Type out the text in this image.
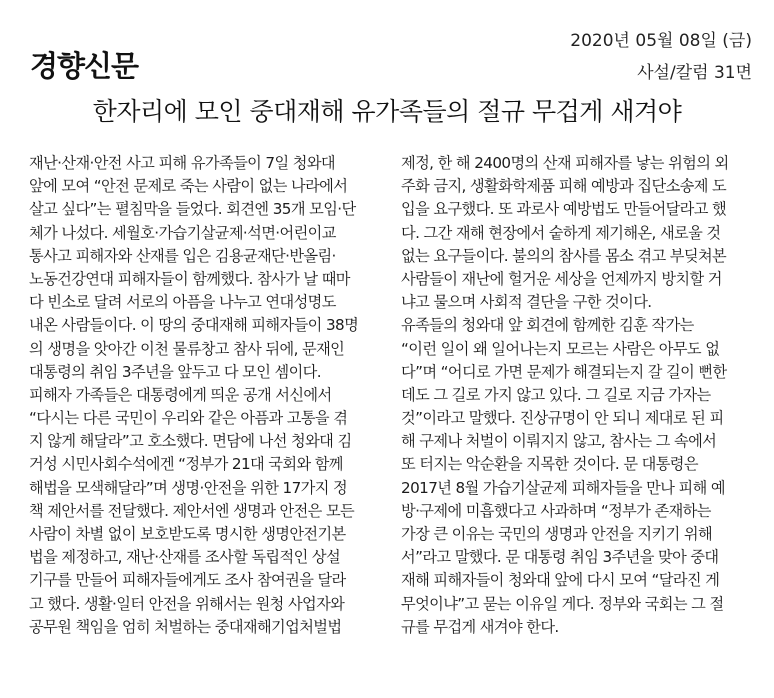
경향신문
2020년 05월 08일 (금)
사설/칼럼 31면
한자리에 모인 중대재해 유가족들의 절규 무겁게 새겨야
재난·산재·안전 사고 피해 유가족들이 7일 청와대
앞에 모여 “안전 문제로 죽는 사람이 없는 나라에서
살고 싶다”는 펼침막을 들었다. 회견엔 35개 모임·단
체가 나섰다. 세월호·가습기살균제·석면·어린이교
통사고 피해자와 산재를 입은 김용균재단·반올림·
노동건강연대 피해자들이 함께했다. 참사가 날 때마
다 빈소로 달려 서로의 아픔을 나누고 연대성명도
내온 사람들이다. 이 땅의 중대재해 피해자들이 38명
의 생명을 앗아간 이천 물류창고 참사 뒤에, 문재인
대통령의 취임 3주년을 앞두고 다 모인 셈이다.
피해자 가족들은 대통령에게 띄운 공개 서신에서
“다시는 다른 국민이 우리와 같은 아픔과 고통을 겪
지 않게 해달라”고 호소했다. 면담에 나선 청와대 김
거성 시민사회수석에겐 “정부가 21대 국회와 함께
해법을 모색해달라”며 생명·안전을 위한 17가지 정
책 제안서를 전달했다. 제안서엔 생명과 안전은 모든
사람이 차별 없이 보호받도록 명시한 생명안전기본
법을 제정하고, 재난·산재를 조사할 독립적인 상설
기구를 만들어 피해자들에게도 조사 참여권을 달라
고 했다. 생활·일터 안전을 위해서는 원청 사업자와
공무원 책임을 엄히 처벌하는 중대재해기업처벌법
제정, 한 해 2400명의 산재 피해자를 낳는 위험의 외
주화 금지, 생활화학제품 피해 예방과 집단소송제 도
입을 요구했다. 또 과로사 예방법도 만들어달라고 했
다. 그간 재해 현장에서 숱하게 제기해온, 새로울 것
없는 요구들이다. 불의의 참사를 몸소 겪고 부딪쳐본
사람들이 재난에 헐거운 세상을 언제까지 방치할 거
냐고 물으며 사회적 결단을 구한 것이다.
유족들의 청와대 앞 회견에 함께한 김훈 작가는
“이런 일이 왜 일어나는지 모르는 사람은 아무도 없
다”며 “어디로 가면 문제가 해결되는지 갈 길이 뻔한
데도 그 길로 가지 않고 있다. 그 길로 지금 가자는
것”이라고 말했다. 진상규명이 안 되니 제대로 된 피
해 구제나 처벌이 이뤄지지 않고, 참사는 그 속에서
또 터지는 악순환을 지목한 것이다. 문 대통령은
2017년 8월 가습기살균제 피해자들을 만나 피해 예
방·구제에 미흡했다고 사과하며 “정부가 존재하는
가장 큰 이유는 국민의 생명과 안전을 지키기 위해
서”라고 말했다. 문 대통령 취임 3주년을 맞아 중대
재해 피해자들이 청와대 앞에 다시 모여 “달라진 게
무엇이냐”고 묻는 이유일 게다. 정부와 국회는 그 절
규를 무겁게 새겨야 한다.
